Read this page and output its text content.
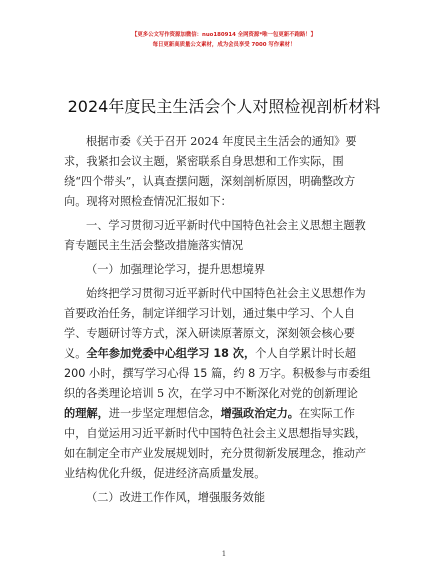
【更多公文写作资源加微信：nuo180914 全网资源*唯一包更新不跑路！】
每日更新高质量公文素材，成为会员享受 7000 写作素材！
2024年度民主生活会个人对照检视剖析材料
根据市委《关于召开 2024 年度民主生活会的通知》要
求，我紧扣会议主题，紧密联系自身思想和工作实际，围
绕“四个带头”，认真查摆问题，深刻剖析原因，明确整改方
向。现将对照检查情况汇报如下：
一、学习贯彻习近平新时代中国特色社会主义思想主题教
育专题民主生活会整改措施落实情况
（一）加强理论学习，提升思想境界
始终把学习贯彻习近平新时代中国特色社会主义思想作为
首要政治任务，制定详细学习计划，通过集中学习、个人自
学、专题研讨等方式，深入研读原著原文，深刻领会核心要
义。全年参加党委中心组学习 18 次，个人自学累计时长超
200 小时，撰写学习心得 15 篇，约 8 万字。积极参与市委组
织的各类理论培训 5 次，在学习中不断深化对党的创新理论
的理解，进一步坚定理想信念，增强政治定力。在实际工作
中，自觉运用习近平新时代中国特色社会主义思想指导实践，
如在制定全市产业发展规划时，充分贯彻新发展理念，推动产
业结构优化升级，促进经济高质量发展。
（二）改进工作作风，增强服务效能
1
